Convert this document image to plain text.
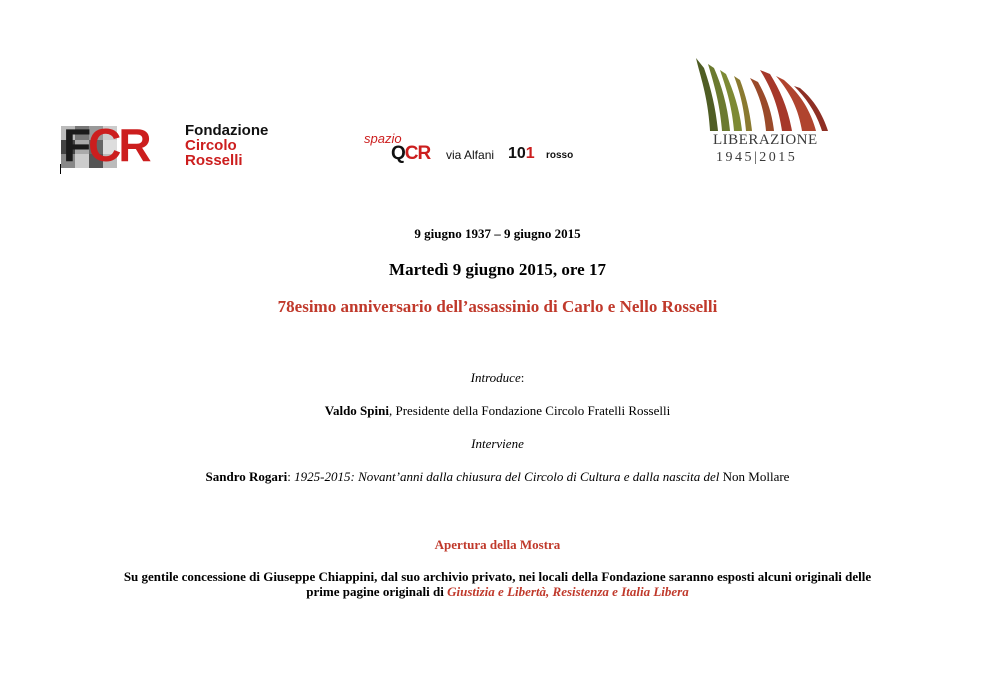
FCR Fondazione
Circolo
Rosselli
spazio
QCR via Alfani 101 rosso
LIBERAZIONE
1945|2015
9 giugno 1937 – 9 giugno 2015
Martedì 9 giugno 2015, ore 17
78esimo anniversario dell’assassinio di Carlo e Nello Rosselli
Introduce:
Valdo Spini, Presidente della Fondazione Circolo Fratelli Rosselli
Interviene
Sandro Rogari: 1925-2015: Novant’anni dalla chiusura del Circolo di Cultura e dalla nascita del Non Mollare
Apertura della Mostra
Su gentile concessione di Giuseppe Chiappini, dal suo archivio privato, nei locali della Fondazione saranno esposti alcuni originali delle
prime pagine originali di Giustizia e Libertà, Resistenza e Italia Libera
